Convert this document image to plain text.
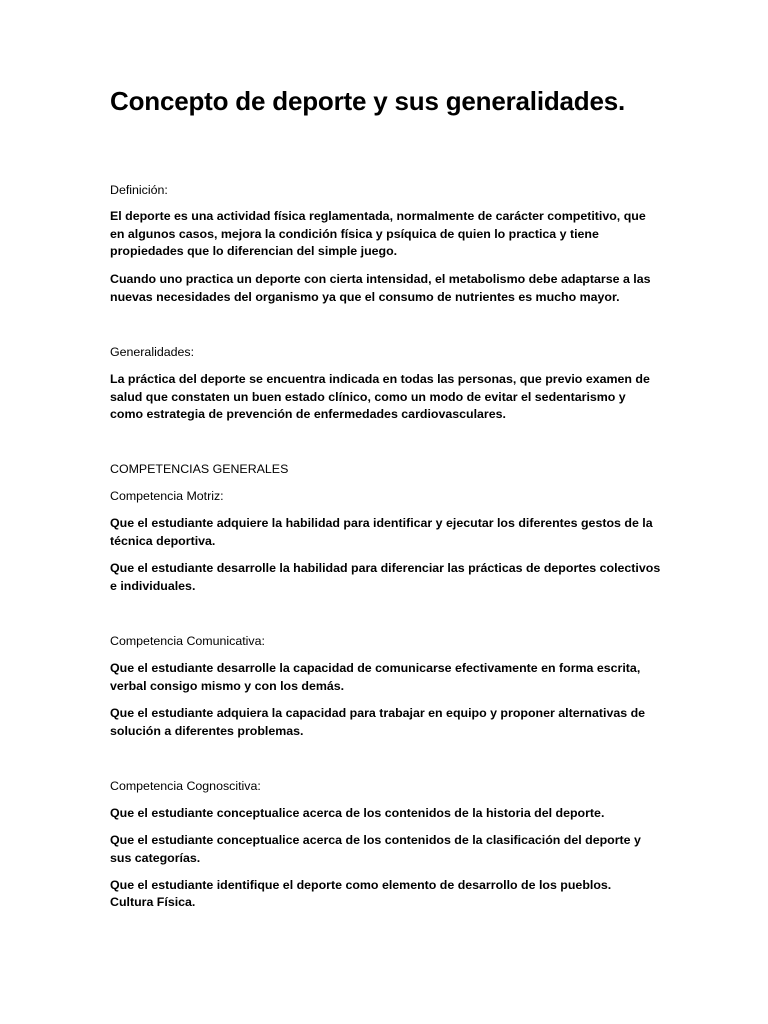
Concepto de deporte y sus generalidades.

Definición:

El deporte es una actividad física reglamentada, normalmente de carácter competitivo, que en algunos casos, mejora la condición física y psíquica de quien lo practica y tiene propiedades que lo diferencian del simple juego.

Cuando uno practica un deporte con cierta intensidad, el metabolismo debe adaptarse a las nuevas necesidades del organismo ya que el consumo de nutrientes es mucho mayor.

Generalidades:

La práctica del deporte se encuentra indicada en todas las personas, que previo examen de salud que constaten un buen estado clínico, como un modo de evitar el sedentarismo y como estrategia de prevención de enfermedades cardiovasculares.

COMPETENCIAS GENERALES

Competencia Motriz:

Que el estudiante adquiere la habilidad para identificar y ejecutar los diferentes gestos de la técnica deportiva.

Que el estudiante desarrolle la habilidad para diferenciar las prácticas de deportes colectivos e individuales.

Competencia Comunicativa:

Que el estudiante desarrolle la capacidad de comunicarse efectivamente en forma escrita, verbal consigo mismo y con los demás.

Que el estudiante adquiera la capacidad para trabajar en equipo y proponer alternativas de solución a diferentes problemas.

Competencia Cognoscitiva:

Que el estudiante conceptualice acerca de los contenidos de la historia del deporte.

Que el estudiante conceptualice acerca de los contenidos de la clasificación del deporte y sus categorías.

Que el estudiante identifique el deporte como elemento de desarrollo de los pueblos.

Cultura Física.
